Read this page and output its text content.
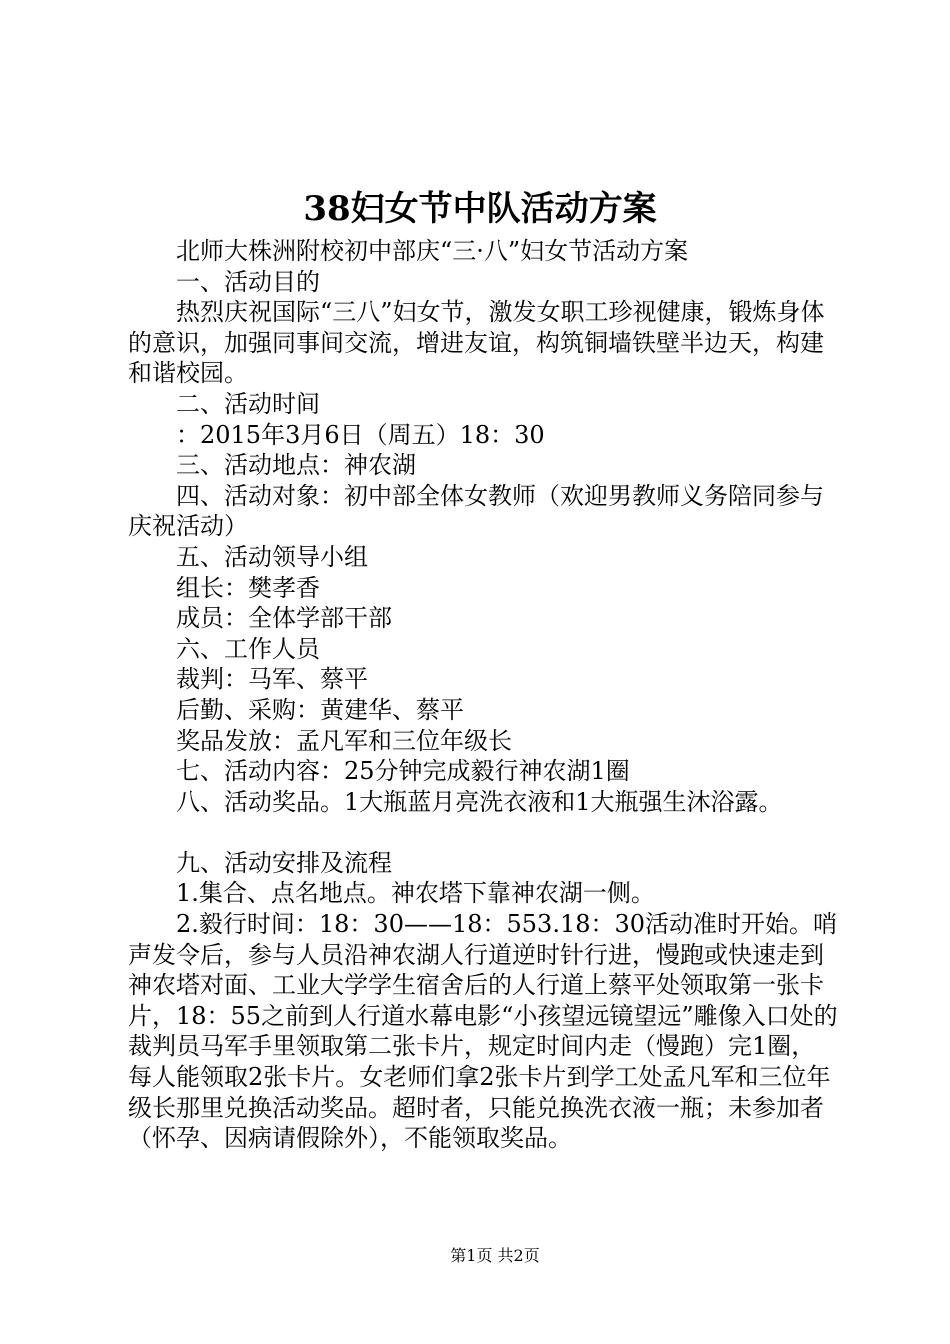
38妇女节中队活动方案

北师大株洲附校初中部庆“三·八”妇女节活动方案

一、活动目的

热烈庆祝国际“三八”妇女节，激发女职工珍视健康，锻炼身体的意识，加强同事间交流，增进友谊，构筑铜墙铁壁半边天，构建和谐校园。

二、活动时间

：2015年3月6日（周五）18：30

三、活动地点：神农湖

四、活动对象：初中部全体女教师（欢迎男教师义务陪同参与庆祝活动）

五、活动领导小组

组长：樊孝香

成员：全体学部干部

六、工作人员

裁判：马军、蔡平

后勤、采购：黄建华、蔡平

奖品发放：孟凡军和三位年级长

七、活动内容：25分钟完成毅行神农湖1圈

八、活动奖品。1大瓶蓝月亮洗衣液和1大瓶强生沐浴露。

九、活动安排及流程

1.集合、点名地点。神农塔下靠神农湖一侧。

2.毅行时间：18：30——18：553.18：30活动准时开始。哨声发令后，参与人员沿神农湖人行道逆时针行进，慢跑或快速走到神农塔对面、工业大学学生宿舍后的人行道上蔡平处领取第一张卡片，18：55之前到人行道水幕电影“小孩望远镜望远”雕像入口处的裁判员马军手里领取第二张卡片，规定时间内走（慢跑）完1圈，每人能领取2张卡片。女老师们拿2张卡片到学工处孟凡军和三位年级长那里兑换活动奖品。超时者，只能兑换洗衣液一瓶；未参加者（怀孕、因病请假除外），不能领取奖品。

第1页 共2页
